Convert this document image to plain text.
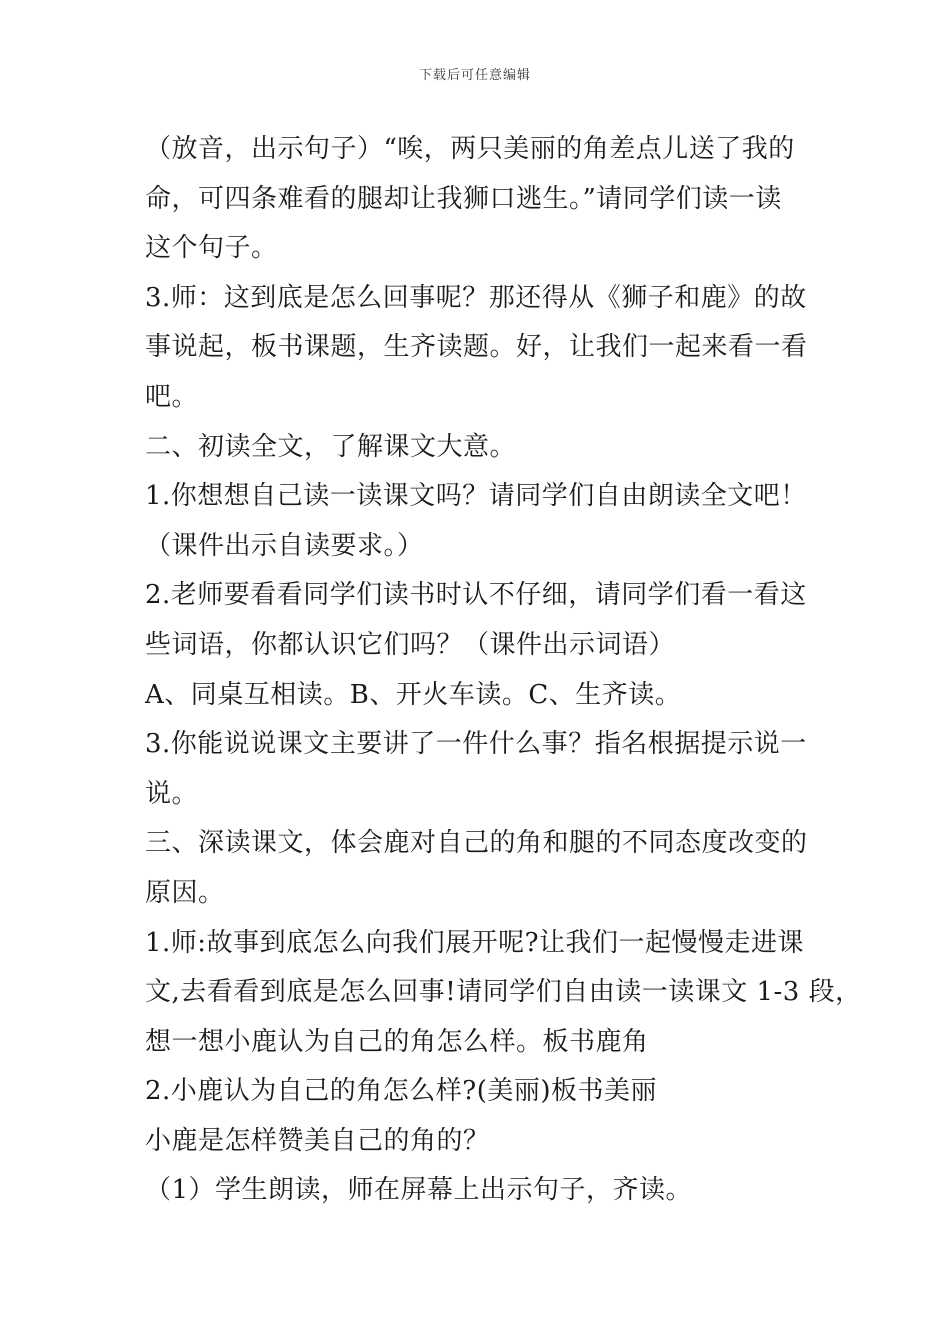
下载后可任意编辑
（放音，出示句子）“唉，两只美丽的角差点儿送了我的
命，可四条难看的腿却让我狮口逃生。”请同学们读一读
这个句子。
3.师：这到底是怎么回事呢？那还得从《狮子和鹿》的故
事说起，板书课题，生齐读题。好，让我们一起来看一看
吧。
二、初读全文，了解课文大意。
1.你想想自己读一读课文吗？请同学们自由朗读全文吧！
（课件出示自读要求。）
2.老师要看看同学们读书时认不仔细，请同学们看一看这
些词语，你都认识它们吗？（课件出示词语）
A、同桌互相读。B、开火车读。C、生齐读。
3.你能说说课文主要讲了一件什么事？指名根据提示说一
说。
三、深读课文，体会鹿对自己的角和腿的不同态度改变的
原因。
1.师:故事到底怎么向我们展开呢?让我们一起慢慢走进课
文,去看看到底是怎么回事!请同学们自由读一读课文 1-3 段，
想一想小鹿认为自己的角怎么样。板书鹿角
2.小鹿认为自己的角怎么样?(美丽)板书美丽
小鹿是怎样赞美自己的角的？
（1）学生朗读，师在屏幕上出示句子，齐读。
